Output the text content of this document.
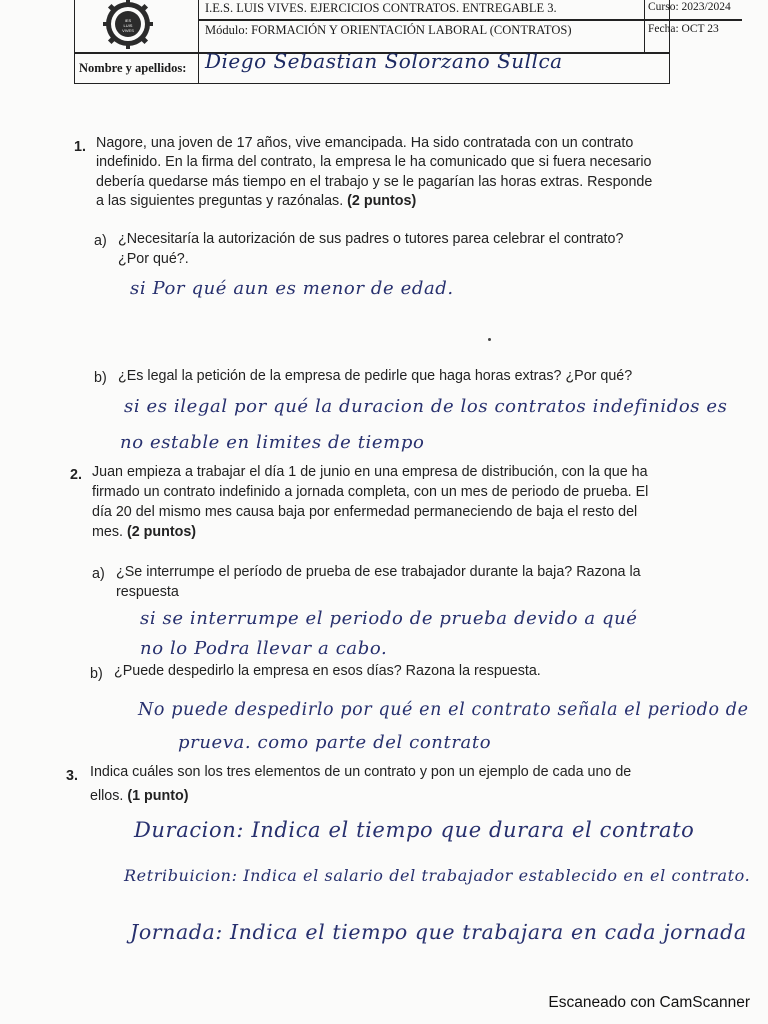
IES
LUIS
VIVES
I.E.S. LUIS VIVES. EJERCICIOS CONTRATOS. ENTREGABLE 3.
Módulo: FORMACIÓN Y ORIENTACIÓN LABORAL (CONTRATOS)
Curso: 2023/2024
Fecha: OCT 23
Nombre y apellidos: Diego Sebastian Solorzano Sullca
1. Nagore, una joven de 17 años, vive emancipada. Ha sido contratada con un contrato
indefinido. En la firma del contrato, la empresa le ha comunicado que si fuera necesario
debería quedarse más tiempo en el trabajo y se le pagarían las horas extras. Responde
a las siguientes preguntas y razónalas. (2 puntos)
a) ¿Necesitaría la autorización de sus padres o tutores parea celebrar el contrato?
¿Por qué?.
si Por qué aun es menor de edad.
b) ¿Es legal la petición de la empresa de pedirle que haga horas extras? ¿Por qué?
si es ilegal por qué la duracion de los contratos indefinidos es
no estable en limites de tiempo
2. Juan empieza a trabajar el día 1 de junio en una empresa de distribución, con la que ha
firmado un contrato indefinido a jornada completa, con un mes de periodo de prueba. El
día 20 del mismo mes causa baja por enfermedad permaneciendo de baja el resto del
mes. (2 puntos)
a) ¿Se interrumpe el período de prueba de ese trabajador durante la baja? Razona la
respuesta
si se interrumpe el periodo de prueba devido a qué
no lo Podra llevar a cabo.
b) ¿Puede despedirlo la empresa en esos días? Razona la respuesta.
No puede despedirlo por qué en el contrato señala el periodo de
prueva. como parte del contrato
3. Indica cuáles son los tres elementos de un contrato y pon un ejemplo de cada uno de
ellos. (1 punto)
Duracion: Indica el tiempo que durara el contrato
Retribuicion: Indica el salario del trabajador establecido en el contrato.
Jornada: Indica el tiempo que trabajara en cada jornada
Escaneado con CamScanner
